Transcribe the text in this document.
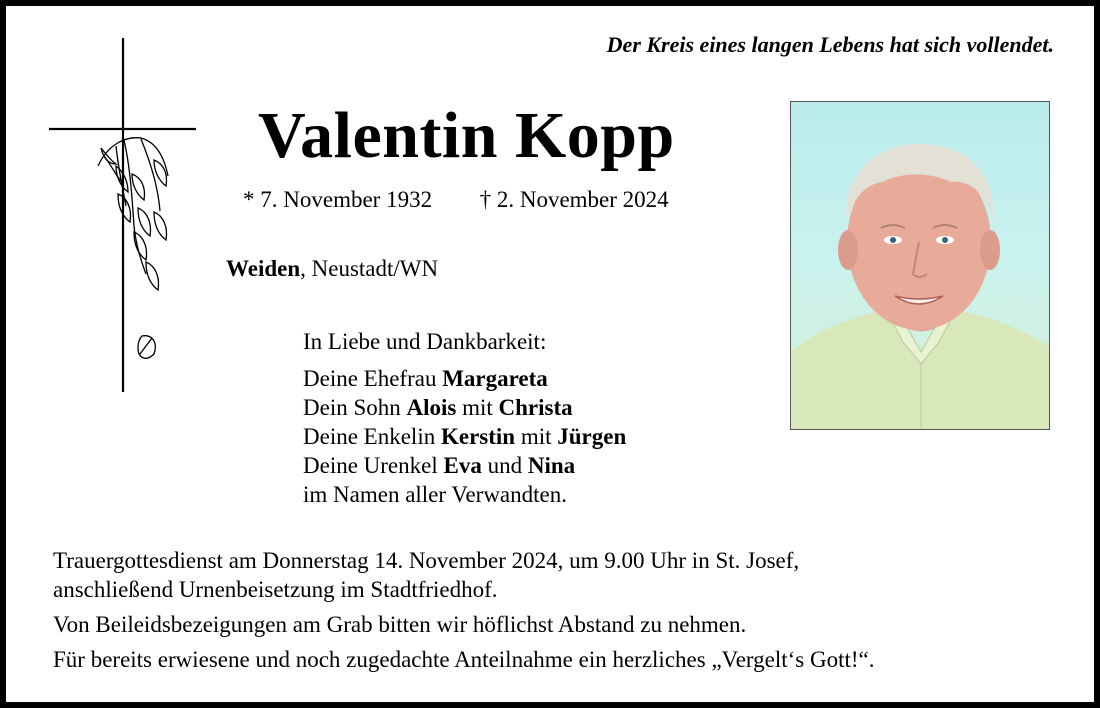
Der Kreis eines langen Lebens hat sich vollendet.
Valentin Kopp
* 7. November 1932 † 2. November 2024
Weiden, Neustadt/WN
In Liebe und Dankbarkeit:
Deine Ehefrau Margareta
Dein Sohn Alois mit Christa
Deine Enkelin Kerstin mit Jürgen
Deine Urenkel Eva und Nina
im Namen aller Verwandten.
Trauergottesdienst am Donnerstag 14. November 2024, um 9.00 Uhr in St. Josef,
anschließend Urnenbeisetzung im Stadtfriedhof.
Von Beileidsbezeigungen am Grab bitten wir höflichst Abstand zu nehmen.
Für bereits erwiesene und noch zugedachte Anteilnahme ein herzliches „Vergelt‘s Gott!“.
